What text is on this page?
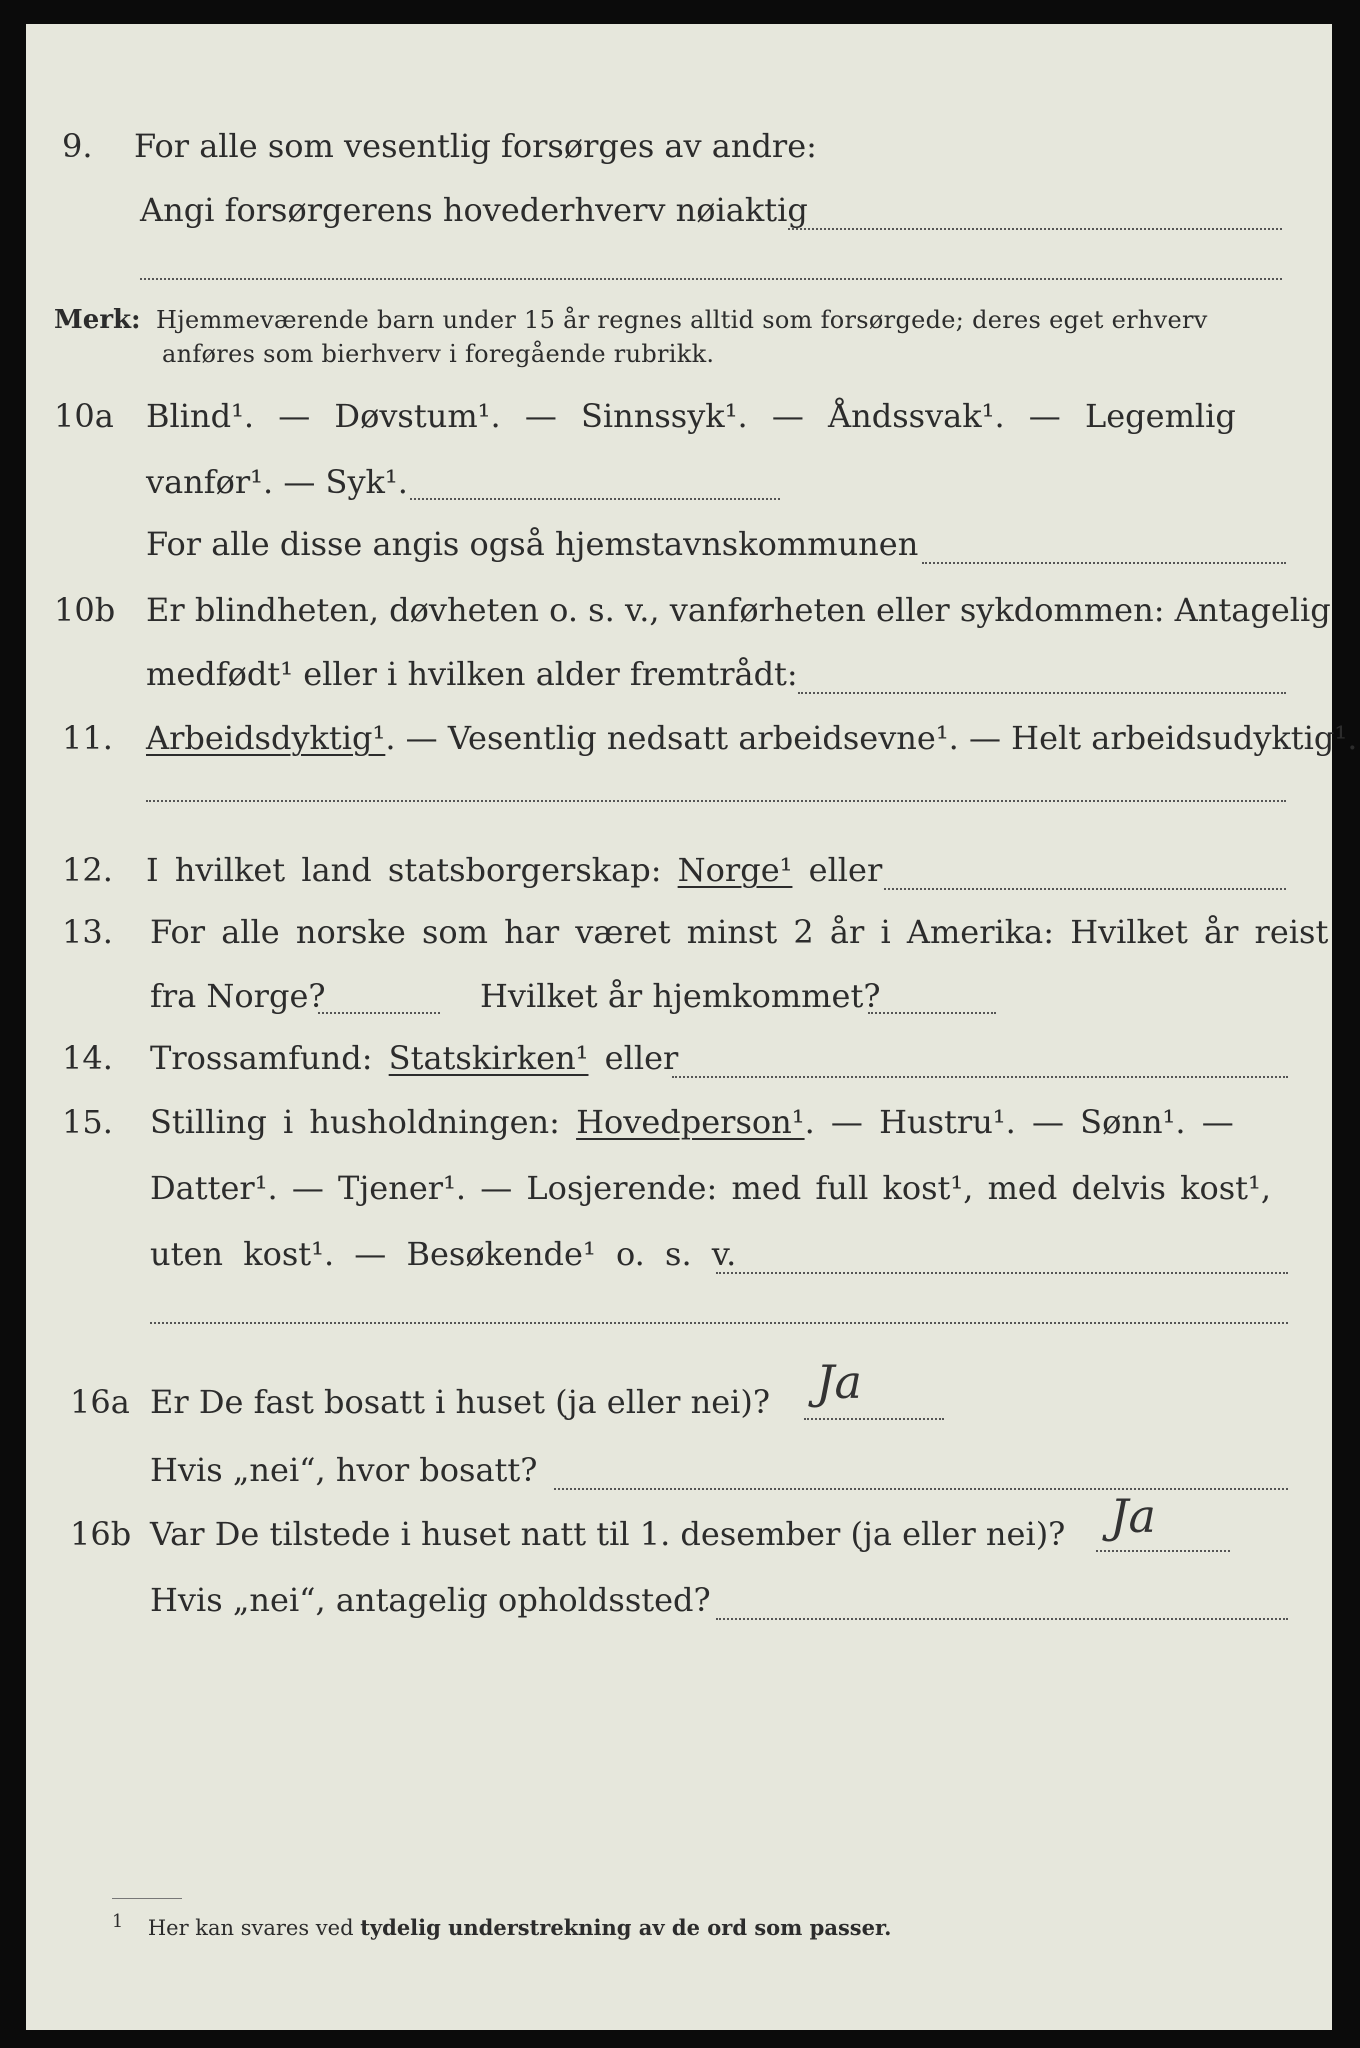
9. For alle som vesentlig forsørges av andre:
Angi forsørgerens hovederhverv nøiaktig
Merk: Hjemmeværende barn under 15 år regnes alltid som forsørgede; deres eget erhverv
anføres som bierhverv i foregående rubrikk.
10a Blind¹. — Døvstum¹. — Sinnssyk¹. — Åndssvak¹. — Legemlig
vanfør¹. — Syk¹.
For alle disse angis også hjemstavnskommunen
10b Er blindheten, døvheten o. s. v., vanførheten eller sykdommen: Antagelig
medfødt¹ eller i hvilken alder fremtrådt:
11. Arbeidsdyktig¹. — Vesentlig nedsatt arbeidsevne¹. — Helt arbeidsudyktig¹.
12. I hvilket land statsborgerskap: Norge¹ eller
13. For alle norske som har været minst 2 år i Amerika: Hvilket år reist
fra Norge?	Hvilket år hjemkommet?
14. Trossamfund: Statskirken¹ eller
15. Stilling i husholdningen: Hovedperson¹. — Hustru¹. — Sønn¹. —
Datter¹. — Tjener¹. — Losjerende: med full kost¹, med delvis kost¹,
uten kost¹. — Besøkende¹ o. s. v.
16a Er De fast bosatt i huset (ja eller nei)? Ja
Hvis „nei“, hvor bosatt?
16b Var De tilstede i huset natt til 1. desember (ja eller nei)? Ja
Hvis „nei“, antagelig opholdssted?
$^1$ Her kan svares ved tydelig understrekning av de ord som passer.
